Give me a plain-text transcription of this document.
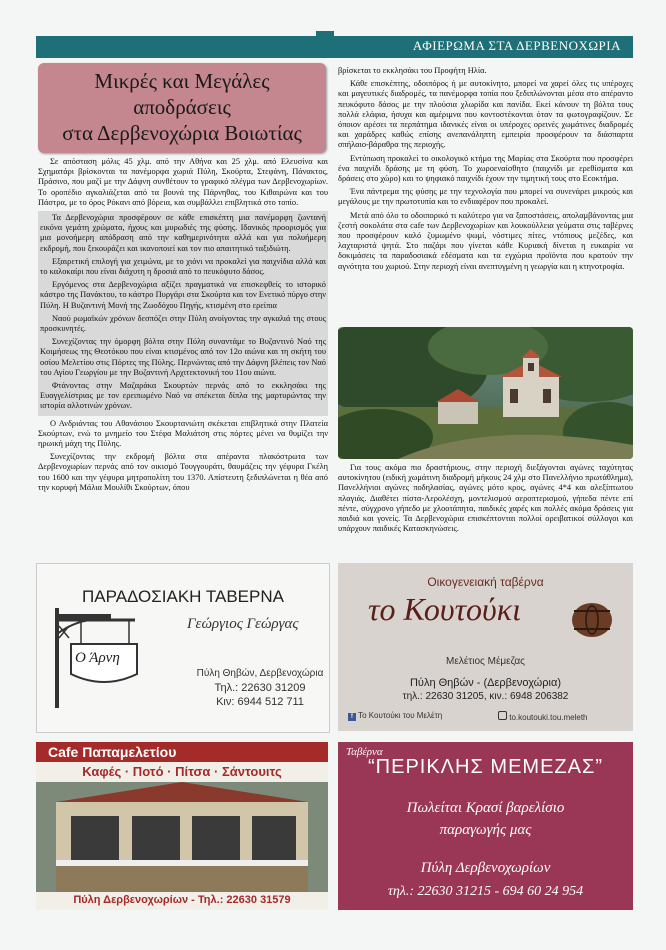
ΑΦΙΕΡΩΜΑ ΣΤΑ ΔΕΡΒΕΝΟΧΩΡΙΑ
Μικρές και Μεγάλες
αποδράσεις
στα Δερβενοχώρια Βοιωτίας

Σε απόσταση μόλις 45 χλμ. από την Αθήνα και 25 χλμ. από Ελευσίνα και Σχηματάρι βρίσκονται τα πανέμορφα χωριά Πύλη, Σκούρτα, Στεφάνη, Πάνακτος, Πράσινο, που μαζί με την Δάφνη συνθέτουν το γραφικό πλέγμα των Δερβενοχωρίων. Το οροπέδιο αγκαλιάζεται από τα βουνά της Πάρνηθας, του Κιθαιρώνα και του Πάστρα, με το όρος Ρόκανι από βόρεια, και συμβάλλει επιβλητικά στο τοπίο.

Τα Δερβενοχώρια προσφέρουν σε κάθε επισκέπτη μια πανέμορφη ζωντανή εικόνα γεμάτη χρώματα, ήχους και μυρωδιές της φύσης. Ιδανικός προορισμός για μια μονοήμερη απόδραση από την καθημερινότητα αλλά και για πολυήμερη εκδρομή, που ξεκουράζει και ικανοποιεί και τον πιο απαιτητικό ταξιδιώτη.

Εξαιρετική επιλογή για χειμώνα, με το χιόνι να προκαλεί για παιχνίδια αλλά και το καλοκαίρι που είναι διάχυτη η δροσιά από το πευκόφυτο δάσος.

Εργόμενος στα Δερβενοχώρια αξίζει πραγματικά να επισκεφθείς το ιστορικό κάστρο της Πανάκτου, το κάστρο Πυργάρι στα Σκούρτα και τον Ενετικό πύργο στην Πύλη. Η Βυζαντινή Μονή της Ζωοδόχου Πηγής, κτισμένη στο ερείπια

Ναού ρωμαϊκών χρόνων δεσπόζει στην Πύλη ανοίγοντας την αγκαλιά της στους προσκυνητές.

Συνεχίζοντας την όμορφη βόλτα στην Πύλη συναντάμε το Βυζαντινό Ναό της Κοιμήσεως της Θεοτόκου που είναι κτισμένος από τον 12ο αιώνα και τη σκήτη του οσίου Μελετίου στις Πόρτες της Πύλης. Περνώντας από την Δάφνη βλέπεις τον Ναό του Αγίου Γεωργίου με την Βυζαντινή Αρχιτεκτονική του 11ου αιώνα.

Φτάνοντας στην Μαζαράκα Σκουρτών περνάς από το εκκλησάκι της Ευαγγελίστριας με τον ερειπωμένο Ναό να σπέκεται δίπλα της μαρτυρώντας την ιστορία αλλοτινών χρόνων.

Ο Ανδριάντας του Αθανάσιου Σκουρτανιώτη σκέκεται επιβλητικά στην Πλατεία Σκούρτων, ενώ το μνημείο του Στέφα Μαλιάτση στις πόρτες μένει να θυμίζει την ηρωική μάχη της Πύλης.

Συνεχίζοντας την εκδρομή βόλτα στα απέραντα πλακόστρωτα των Δερβενοχωρίων περνάς από τον οικισμό Τουγγουράτι, θαυμάζεις την γέφυρα Γκέλη του 1600 και την γέφυρα μητροπολίτη του 1370. Απίστευτη ξεδιπλώνεται η θέα από την κορυφή Μάλια Μουλίθι Σκούρτων, όπου

βρίσκεται το εκκλησάκι του Προφήτη Ηλία.

Κάθε επισκέπτης, οδοιπόρος ή με αυτοκίνητο, μπορεί να χαρεί όλες τις υπέροχες και μαγευτικές διαδρομές, τα πανέμορφα τοπία που ξεδιπλώνονται μέσα στο απέραντο πευκόφυτο δάσος με την πλούσια χλωρίδα και πανίδα. Εκεί κάνουν τη βόλτα τους πολλά ελάφια, ήσυχα και αμέριμνα που κοντοστέκονται όταν τα φωτογραφίζουν. Σε όποιον αρέσει τα περπάτημα ιδανικές είναι οι υπέροχες ορεινές χωμάτινες διαδρομές και χαράδρες καθώς επίσης ανεπανάληπτη εμπειρία προσφέρουν τα διάσπαρτα σπήλαιο-βάραθρα της περιοχής.

Εντύπωση προκαλεί το οικολογικό κτήμα της Μαρίας στα Σκούρτα που προσφέρει ένα παιχνίδι δράσης με τη φύση. Το χωροεναίσθητο (παιχνίδι με ερεθίσματα και δράσεις στο χώρο) και το ψηφιακό παιχνίδι έχουν την τιμητική τους στο Εcoκτήμα.

Ένα πάντρεμα της φύσης με την τεχνολογία που μπορεί να συνενάρει μικρούς και μεγάλους με την πρωτοτυπία και το ενδιαφέρον που προκαλεί.

Μετά από όλο το οδοιπορικό τι καλύτερο για να ξαποστάσεις, απολαμβάνοντας μια ζεστή σοκολάτα στα cafe των Δερβενοχωρίων και λουκούλλεια γεύματα στις ταβέρνες που προσφέρουν καλό ζυμωμένο ψωμί, νόστιμες πίτες, ντόπιους μεζέδες, και λαχταριστά ψητά. Στο παζάρι που γίνεται κάθε Κυριακή δίνεται η ευκαιρία να δοκιμάσεις τα παραδοσιακά εδέσματα και τα εγχώρια προϊόντα που κρατούν την αγνότητα του χωριού. Στην περιοχή είναι ανεπτυγμένη η γεωργία και η κτηνοτροφία.

Για τους ακόμα πιο δραστήριους, στην περιοχή διεξάγονται αγώνες ταχύτητας αυτοκίνητου (ειδική χωμάτινη διαδρομή μήκους 24 χλμ στο Πανελλήνιο πρωτάθλημα), Πανελλήνιοι αγώνες ποδηλασίας, αγώνες μότο κρος, αγώνες 4*4 και αλεξίπτωτου πλαγιάς. Διαθέτει πίστα-Αερολέσχη, μοντελισμού αεροπτερισμού, γήπεδα πέντε επί πέντε, σύγχρονο γήπεδο με χλοοτάπητα, παιδικές χαρές και πολλές ακόμα δράσεις για παιδιά και γονείς. Τα Δερβενοχώρια επισκέπτονται πολλοί ορειβατικοί σύλλογοι και υπάρχουν παιδικές Κατασκηνώσεις.

ΠΑΡΑΔΟΣΙΑΚΗ ΤΑΒΕΡΝΑ
Γεώργιος Γεώργας
Ο Άρνη
Πύλη Θηβών, Δερβενοχώρια
Τηλ.: 22630 31209
Κιν: 6944 512 711
Οικογενειακή ταβέρνα
το Κουτούκι
Μελέτιος Μέμεζας
Πύλη Θηβών - (Δερβενοχώρια)
τηλ.: 22630 31205, κιν.: 6948 206382
f Το Κουτούκι του Μελέτη	to.koutouki.tou.meleth
Cafe Παπαμελετίου
Καφές · Ποτό · Πίτσα · Σάντουιτς
Πύλη Δερβενοχωρίων - Τηλ.: 22630 31579
Ταβέρνα
“ΠΕΡΙΚΛΗΣ ΜΕΜΕΖΑΣ”
Πωλείται Κρασί βαρελίσιο
παραγωγής μας
Πύλη Δερβενοχωρίων
τηλ.: 22630 31215 - 694 60 24 954
